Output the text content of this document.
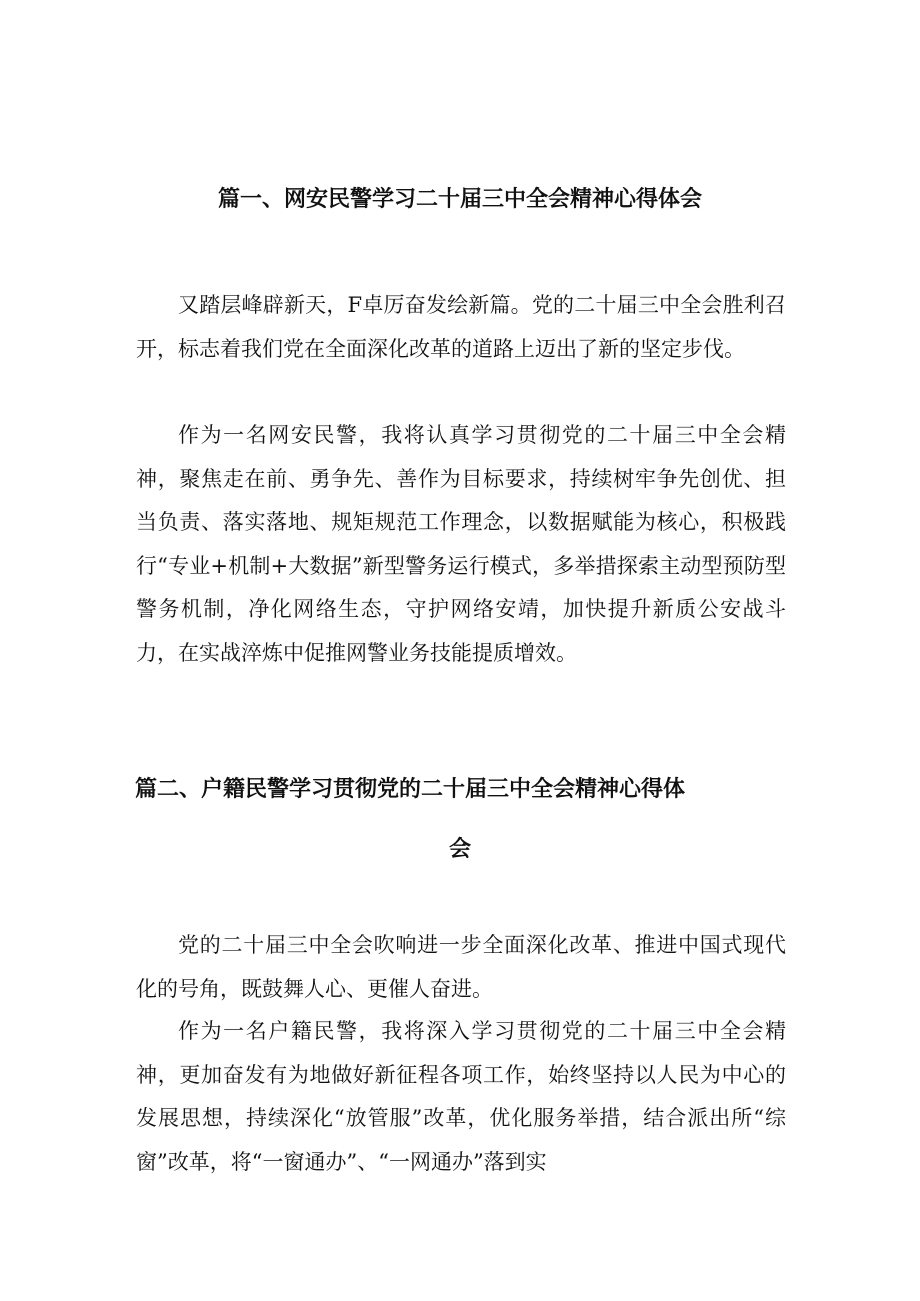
篇一、网安民警学习二十届三中全会精神心得体会

又踏层峰辟新天，F卓厉奋发绘新篇。党的二十届三中全会胜利召开，标志着我们党在全面深化改革的道路上迈出了新的坚定步伐。

作为一名网安民警，我将认真学习贯彻党的二十届三中全会精神，聚焦走在前、勇争先、善作为目标要求，持续树牢争先创优、担当负责、落实落地、规矩规范工作理念，以数据赋能为核心，积极践行“专业+机制+大数据”新型警务运行模式，多举措探索主动型预防型警务机制，净化网络生态，守护网络安靖，加快提升新质公安战斗力，在实战淬炼中促推网警业务技能提质增效。

篇二、户籍民警学习贯彻党的二十届三中全会精神心得体
会

党的二十届三中全会吹响进一步全面深化改革、推进中国式现代化的号角，既鼓舞人心、更催人奋进。

作为一名户籍民警，我将深入学习贯彻党的二十届三中全会精神，更加奋发有为地做好新征程各项工作，始终坚持以人民为中心的发展思想，持续深化“放管服”改革，优化服务举措，结合派出所“综窗”改革，将“一窗通办”、“一网通办”落到实
